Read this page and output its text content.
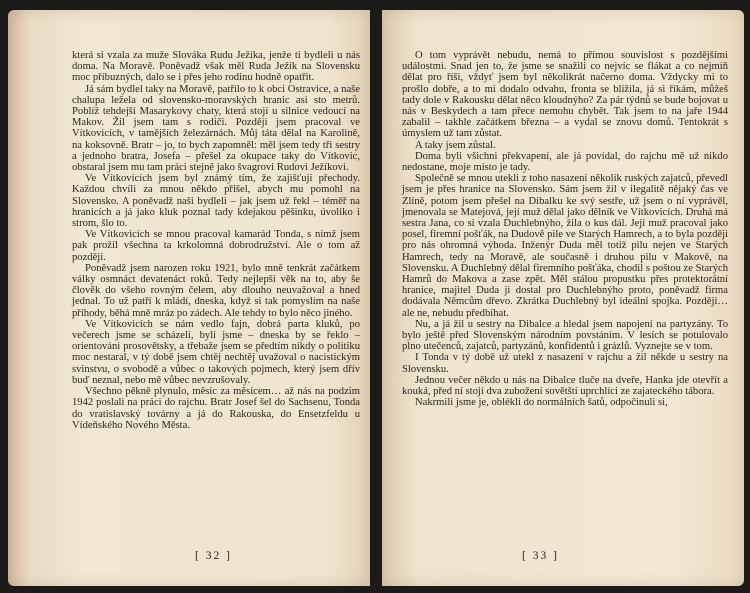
která si vzala za muže Slováka Rudu Ježíka, jenže ti bydleli u nás doma. Na Moravě. Poněvadž však měl Ruda Ježík na Slovensku moc příbuzných, dalo se i přes jeho rodinu hodně opatřit.

Já sám bydlel taky na Moravě, patřilo to k obci Ostravice, a naše chalupa ležela od slovensko-moravských hranic asi sto metrů. Poblíž tehdejší Masarykovy chaty, která stojí u silnice vedoucí na Makov. Žil jsem tam s rodiči. Později jsem pracoval ve Vítkovicích, v tamějších železárnách. Můj táta dělal na Karolině, na koksovně. Bratr – jo, to bych zapomněl: měl jsem tedy tři sestry a jednoho bratra, Josefa – přešel za okupace taky do Vítkovic, obstaral jsem mu tam práci stejně jako švagrovi Rudovi Ježíkovi.

Ve Vítkovicích jsem byl známý tím, že zajišťuji přechody. Každou chvíli za mnou někdo přišel, abych mu pomohl na Slovensko. A poněvadž naši bydleli – jak jsem už řekl – téměř na hranicích a já jako kluk poznal tady kdejakou pěšinku, úvoliko i strom, šlo to.

Ve Vítkovicích se mnou pracoval kamarád Tonda, s nímž jsem pak prožil všechna ta krkolomná dobrodružství. Ale o tom až později.

Poněvadž jsem narozen roku 1921, bylo mně tenkrát začátkem války osmnáct devatenáct roků. Tedy nejlepší věk na to, aby še člověk do všeho rovným čelem, aby dlouho neuvažoval a hned jednal. To už patří k mládí, dneska, když si tak pomyslím na naše příhody, běhá mně mráz po zádech. Ale tehdy to bylo něco jiného.

Ve Vítkovicích se nám vedlo fajn, dobrá parta kluků, po večerech jsme se scházeli, byli jsme – dneska by se řeklo – orientováni prosovětsky, a třebaže jsem se předtím nikdy o politiku moc nestaral, v tý době jsem chtěj nechtěj uvažoval o nacistickým svinstvu, o svobodě a vůbec o takových pojmech, který jsem dřív buď neznal, nebo mě vůbec nevzrušovaly.

Všechno pěkně plynulo, měsíc za měsícem… až nás na podzim 1942 poslali na práci do rajchu. Bratr Josef šel do Sachsenu, Tonda do vratislavský továrny a já do Rakouska, do Ensetzfeldu u Vídeňského Nového Města.

[ 32 ]

O tom vyprávět nebudu, nemá to přímou souvislost s pozdějšími událostmi. Snad jen to, že jsme se snažili co nejvíc se flákat a co nejmíň dělat pro říši, vždyť jsem byl několikrát načerno doma. Vždycky mi to prošlo dobře, a to mi dodalo odvahu, fronta se blížila, já si říkám, můžeš tady dole v Rakousku dělat něco kloudnýho? Za pár týdnů se bude bojovat u nás v Beskydech a tam přece nemohu chybět. Tak jsem to na jaře 1944 zabalil – takhle začátkem března – a vydal se znovu domů. Tentokrát s úmyslem už tam zůstat.

A taky jsem zůstal.

Doma byli všichni překvapení, ale já povídal, do rajchu mě už nikdo nedostane, moje místo je tady.

Společně se mnou utekli z toho nasazení několik ruských zajatců, převedl jsem je přes hranice na Slovensko. Sám jsem žil v ilegalitě nějaký čas ve Zlíně, potom jsem přešel na Dibalku ke svý sestře, už jsem o ní vyprávěl, jmenovala se Matejová, její muž dělal jako dělník ve Vítkovicích. Druhá má sestra Jana, co si vzala Duchlebnýho, žila o kus dál. Její muž pracoval jako posel, firemní pošťák, na Dudově pile ve Starých Hamrech, a to byla později pro nás ohromná výhoda. Inženýr Duda měl totiž pilu nejen ve Starých Hamrech, tedy na Moravě, ale současně i druhou pilu v Makově, na Slovensku. A Duchlebný dělal firemního pošťáka, chodil s poštou ze Starých Hamrů do Makova a zase zpět. Měl stálou propustku přes protektorátní hranice, majitel Duda ji dostal pro Duchlebnýho proto, poněvadž firma dodávala Němcům dřevo. Zkrátka Duchlebný byl ideální spojka. Později… ale ne, nebudu předbíhat.

Nu, a já žil u sestry na Dibalce a hledal jsem napojení na partyzány. To bylo ještě před Slovenským národním povstáním. V lesích se potulovalo plno utečenců, zajatců, partyzánů, konfidentů i grázlů. Vyznejte se v tom.

I Tonda v tý době už utekl z nasazení v rajchu a žil někde u sestry na Slovensku.

Jednou večer někdo u nás na Dibalce tluče na dveře, Hanka jde otevřít a kouká, před ní stojí dva zubožení sovětští uprchlíci ze zajateckého tábora.

Nakrmili jsme je, oblékli do normálních šatů, odpočinuli si,

[ 33 ]
